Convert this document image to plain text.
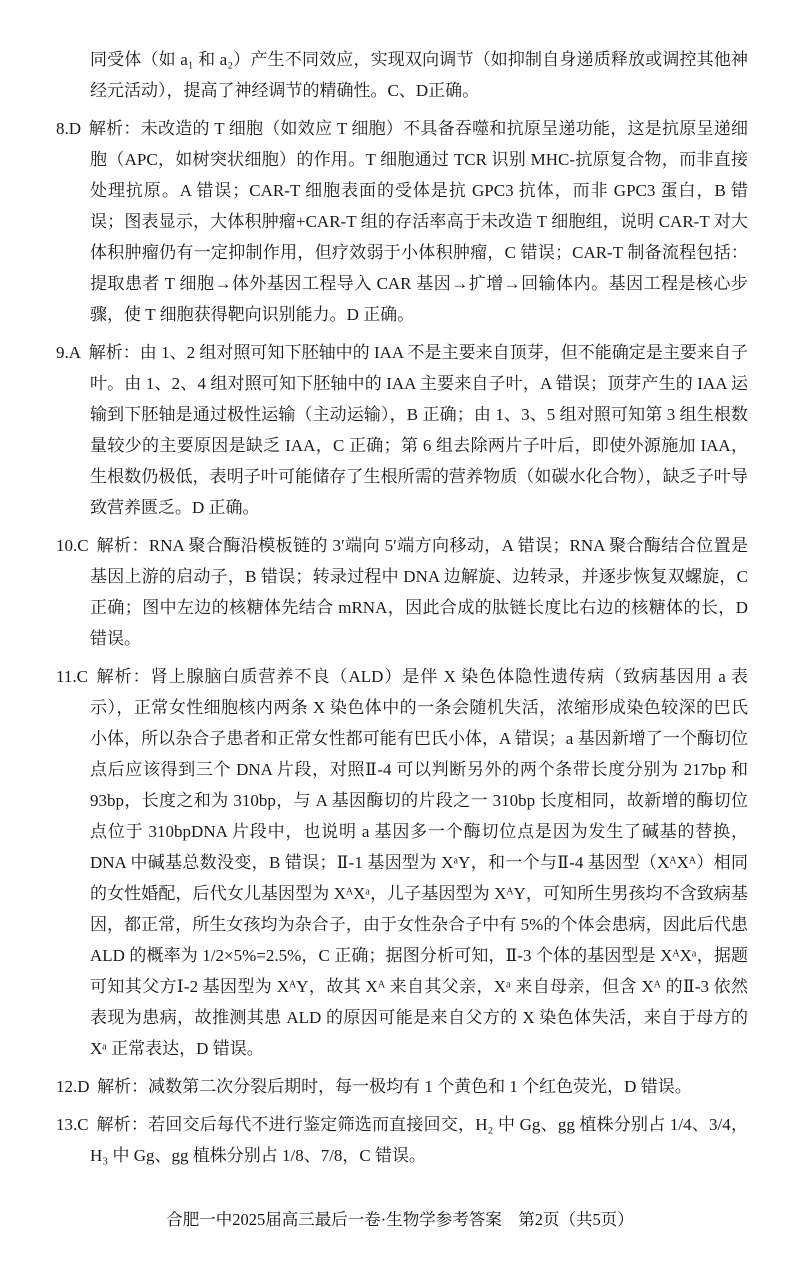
同受体（如 a₁ 和 a₂）产生不同效应，实现双向调节（如抑制自身递质释放或调控其他神经元活动），提高了神经调节的精确性。C、D正确。

8.D 解析：未改造的 T 细胞（如效应 T 细胞）不具备吞噬和抗原呈递功能，这是抗原呈递细胞（APC，如树突状细胞）的作用。T 细胞通过 TCR 识别 MHC-抗原复合物，而非直接处理抗原。A 错误；CAR-T 细胞表面的受体是抗 GPC3 抗体，而非 GPC3 蛋白，B 错误；图表显示，大体积肿瘤+CAR-T 组的存活率高于未改造 T 细胞组，说明 CAR-T 对大体积肿瘤仍有一定抑制作用，但疗效弱于小体积肿瘤，C 错误；CAR-T 制备流程包括：提取患者 T 细胞→体外基因工程导入 CAR 基因→扩增→回输体内。基因工程是核心步骤，使 T 细胞获得靶向识别能力。D 正确。

9.A 解析：由 1、2 组对照可知下胚轴中的 IAA 不是主要来自顶芽，但不能确定是主要来自子叶。由 1、2、4 组对照可知下胚轴中的 IAA 主要来自子叶，A 错误；顶芽产生的 IAA 运输到下胚轴是通过极性运输（主动运输），B 正确；由 1、3、5 组对照可知第 3 组生根数量较少的主要原因是缺乏 IAA，C 正确；第 6 组去除两片子叶后，即使外源施加 IAA，生根数仍极低，表明子叶可能储存了生根所需的营养物质（如碳水化合物），缺乏子叶导致营养匮乏。D 正确。

10.C 解析：RNA 聚合酶沿模板链的 3′端向 5′端方向移动，A 错误；RNA 聚合酶结合位置是基因上游的启动子，B 错误；转录过程中 DNA 边解旋、边转录，并逐步恢复双螺旋，C 正确；图中左边的核糖体先结合 mRNA，因此合成的肽链长度比右边的核糖体的长，D 错误。

11.C 解析：肾上腺脑白质营养不良（ALD）是伴 X 染色体隐性遗传病（致病基因用 a 表示），正常女性细胞核内两条 X 染色体中的一条会随机失活，浓缩形成染色较深的巴氏小体，所以杂合子患者和正常女性都可能有巴氏小体，A 错误；a 基因新增了一个酶切位点后应该得到三个 DNA 片段，对照Ⅱ-4 可以判断另外的两个条带长度分别为 217bp 和 93bp，长度之和为 310bp，与 A 基因酶切的片段之一 310bp 长度相同，故新增的酶切位点位于 310bpDNA 片段中，也说明 a 基因多一个酶切位点是因为发生了碱基的替换，DNA 中碱基总数没变，B 错误；Ⅱ-1 基因型为 XᵃY，和一个与Ⅱ-4 基因型（XᴬXᴬ）相同的女性婚配，后代女儿基因型为 XᴬXᵃ，儿子基因型为 XᴬY，可知所生男孩均不含致病基因，都正常，所生女孩均为杂合子，由于女性杂合子中有 5%的个体会患病，因此后代患 ALD 的概率为 1/2×5%=2.5%，C 正确；据图分析可知，Ⅱ-3 个体的基因型是 XᴬXᵃ，据题可知其父方Ⅰ-2 基因型为 XᴬY，故其 Xᴬ 来自其父亲，Xᵃ 来自母亲，但含 Xᴬ 的Ⅱ-3 依然表现为患病，故推测其患 ALD 的原因可能是来自父方的 X 染色体失活，来自于母方的 Xᵃ 正常表达，D 错误。

12.D 解析：减数第二次分裂后期时，每一极均有 1 个黄色和 1 个红色荧光，D 错误。

13.C 解析：若回交后每代不进行鉴定筛选而直接回交，H₂ 中 Gg、gg 植株分别占 1/4、3/4，H₃ 中 Gg、gg 植株分别占 1/8、7/8，C 错误。

合肥一中2025届高三最后一卷·生物学参考答案　第2页（共5页）
